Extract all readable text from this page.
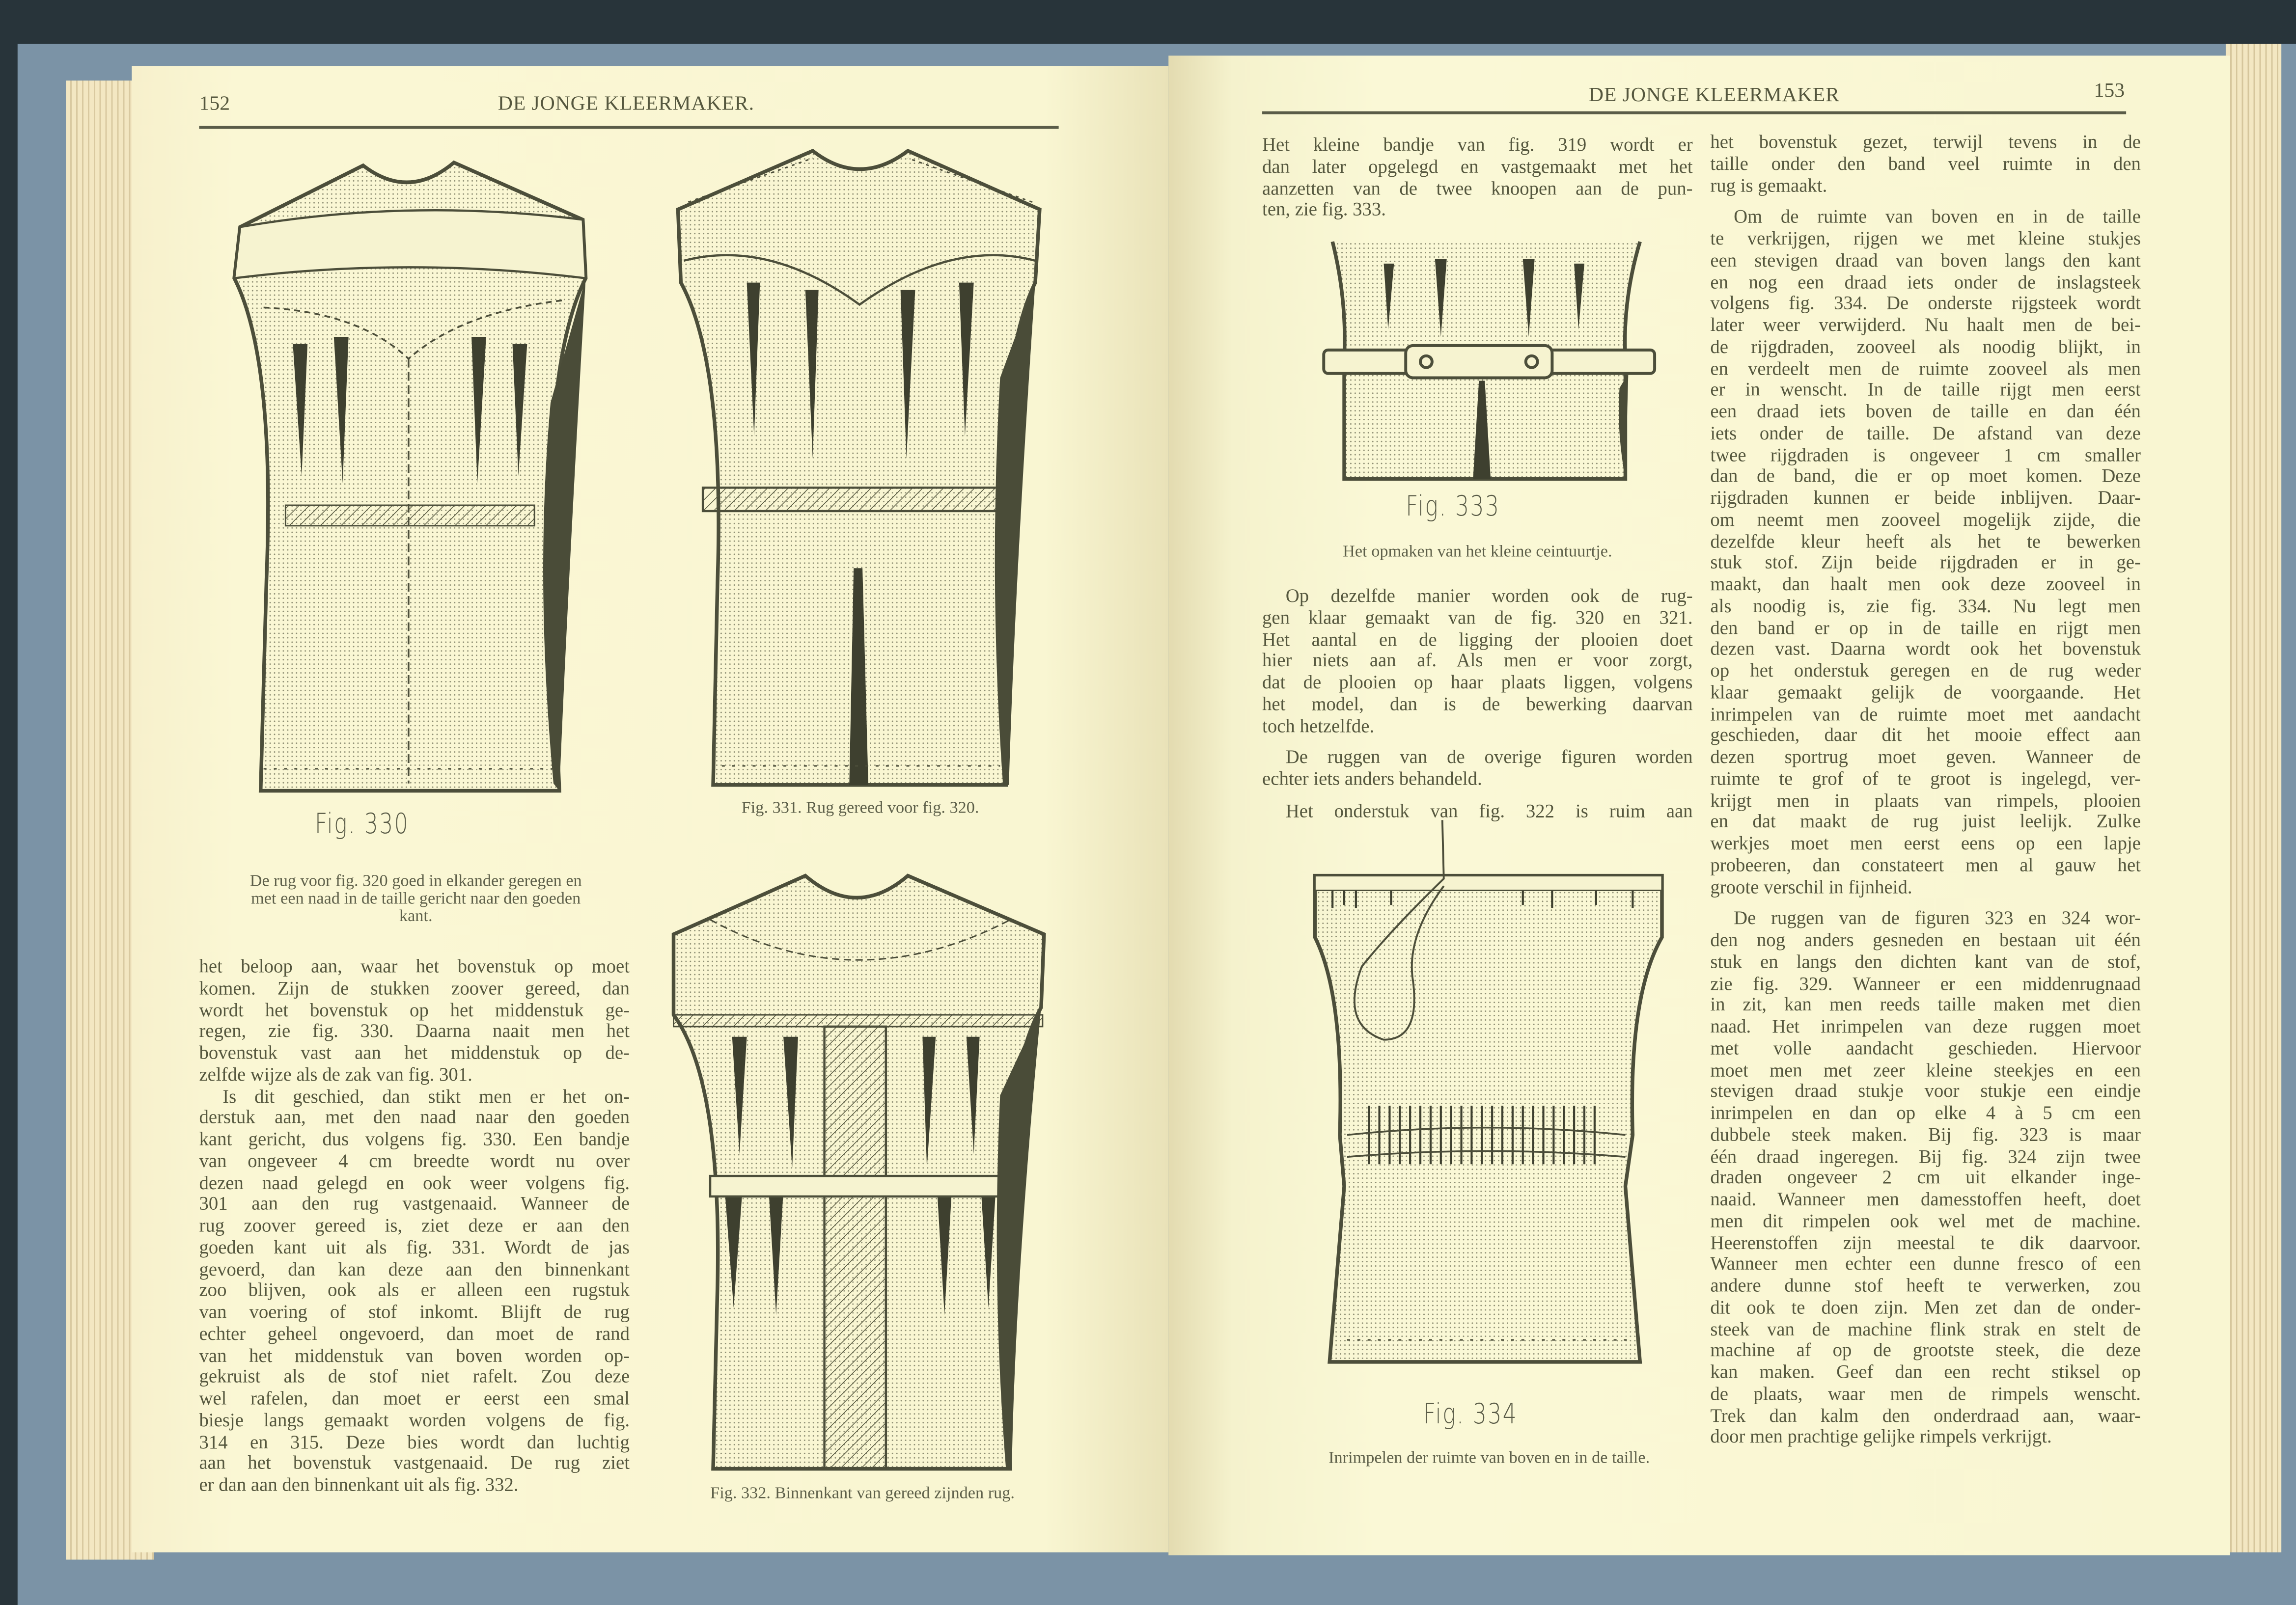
152	DE JONGE KLEERMAKER.
Fig. 330
De rug voor fig. 320 goed in elkander geregen en
met een naad in de taille gericht naar den goeden
kant.
Fig. 331. Rug gereed voor fig. 320.
Fig. 332. Binnenkant van gereed zijnden rug.
het beloop aan, waar het bovenstuk op moet
komen. Zijn de stukken zoover gereed, dan
wordt het bovenstuk op het middenstuk ge-
regen, zie fig. 330. Daarna naait men het
bovenstuk vast aan het middenstuk op de-
zelfde wijze als de zak van fig. 301.
Is dit geschied, dan stikt men er het on-
derstuk aan, met den naad naar den goeden
kant gericht, dus volgens fig. 330. Een bandje
van ongeveer 4 cm breedte wordt nu over
dezen naad gelegd en ook weer volgens fig.
301 aan den rug vastgenaaid. Wanneer de
rug zoover gereed is, ziet deze er aan den
goeden kant uit als fig. 331. Wordt de jas
gevoerd, dan kan deze aan den binnenkant
zoo blijven, ook als er alleen een rugstuk
van voering of stof inkomt. Blijft de rug
echter geheel ongevoerd, dan moet de rand
van het middenstuk van boven worden op-
gekruist als de stof niet rafelt. Zou deze
wel rafelen, dan moet er eerst een smal
biesje langs gemaakt worden volgens de fig.
314 en 315. Deze bies wordt dan luchtig
aan het bovenstuk vastgenaaid. De rug ziet
er dan aan den binnenkant uit als fig. 332.
DE JONGE KLEERMAKER	153
Het kleine bandje van fig. 319 wordt er
dan later opgelegd en vastgemaakt met het
aanzetten van de twee knoopen aan de pun-
ten, zie fig. 333.
Fig. 333
Het opmaken van het kleine ceintuurtje.
Op dezelfde manier worden ook de rug-
gen klaar gemaakt van de fig. 320 en 321.
Het aantal en de ligging der plooien doet
hier niets aan af. Als men er voor zorgt,
dat de plooien op haar plaats liggen, volgens
het model, dan is de bewerking daarvan
toch hetzelfde.
De ruggen van de overige figuren worden
echter iets anders behandeld.
Het onderstuk van fig. 322 is ruim aan
Fig. 334
Inrimpelen der ruimte van boven en in de taille.
het bovenstuk gezet, terwijl tevens in de
taille onder den band veel ruimte in den
rug is gemaakt.
Om de ruimte van boven en in de taille
te verkrijgen, rijgen we met kleine stukjes
een stevigen draad van boven langs den kant
en nog een draad iets onder de inslagsteek
volgens fig. 334. De onderste rijgsteek wordt
later weer verwijderd. Nu haalt men de bei-
de rijgdraden, zooveel als noodig blijkt, in
en verdeelt men de ruimte zooveel als men
er in wenscht. In de taille rijgt men eerst
een draad iets boven de taille en dan één
iets onder de taille. De afstand van deze
twee rijgdraden is ongeveer 1 cm smaller
dan de band, die er op moet komen. Deze
rijgdraden kunnen er beide inblijven. Daar-
om neemt men zooveel mogelijk zijde, die
dezelfde kleur heeft als het te bewerken
stuk stof. Zijn beide rijgdraden er in ge-
maakt, dan haalt men ook deze zooveel in
als noodig is, zie fig. 334. Nu legt men
den band er op in de taille en rijgt men
dezen vast. Daarna wordt ook het bovenstuk
op het onderstuk geregen en de rug weder
klaar gemaakt gelijk de voorgaande. Het
inrimpelen van de ruimte moet met aandacht
geschieden, daar dit het mooie effect aan
dezen sportrug moet geven. Wanneer de
ruimte te grof of te groot is ingelegd, ver-
krijgt men in plaats van rimpels, plooien
en dat maakt de rug juist leelijk. Zulke
werkjes moet men eerst eens op een lapje
probeeren, dan constateert men al gauw het
groote verschil in fijnheid.
De ruggen van de figuren 323 en 324 wor-
den nog anders gesneden en bestaan uit één
stuk en langs den dichten kant van de stof,
zie fig. 329. Wanneer er een middenrugnaad
in zit, kan men reeds taille maken met dien
naad. Het inrimpelen van deze ruggen moet
met volle aandacht geschieden. Hiervoor
moet men met zeer kleine steekjes en een
stevigen draad stukje voor stukje een eindje
inrimpelen en dan op elke 4 à 5 cm een
dubbele steek maken. Bij fig. 323 is maar
één draad ingeregen. Bij fig. 324 zijn twee
draden ongeveer 2 cm uit elkander inge-
naaid. Wanneer men damesstoffen heeft, doet
men dit rimpelen ook wel met de machine.
Heerenstoffen zijn meestal te dik daarvoor.
Wanneer men echter een dunne fresco of een
andere dunne stof heeft te verwerken, zou
dit ook te doen zijn. Men zet dan de onder-
steek van de machine flink strak en stelt de
machine af op de grootste steek, die deze
kan maken. Geef dan een recht stiksel op
de plaats, waar men de rimpels wenscht.
Trek dan kalm den onderdraad aan, waar-
door men prachtige gelijke rimpels verkrijgt.
